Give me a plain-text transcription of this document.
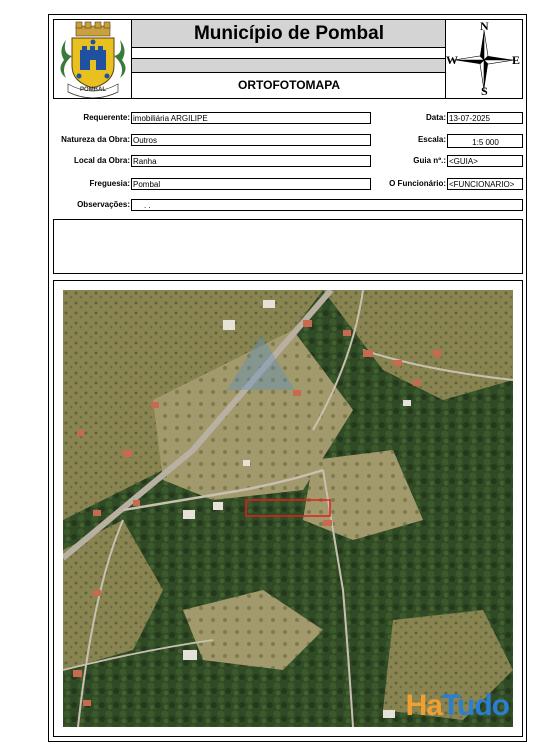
POMBAL
Município de Pombal
ORTOFOTOMAPA
N
S
W	E
Requerente: imobiliária ARGILIPE	Data: 13-07-2025
Natureza da Obra: Outros	Escala:	1:5 000
Local da Obra: Ranha	Guia nº.: <GUIA>
Freguesia: Pombal	O Funcionário: <FUNCIONARIO>
Observações:	. .
HaTudo
